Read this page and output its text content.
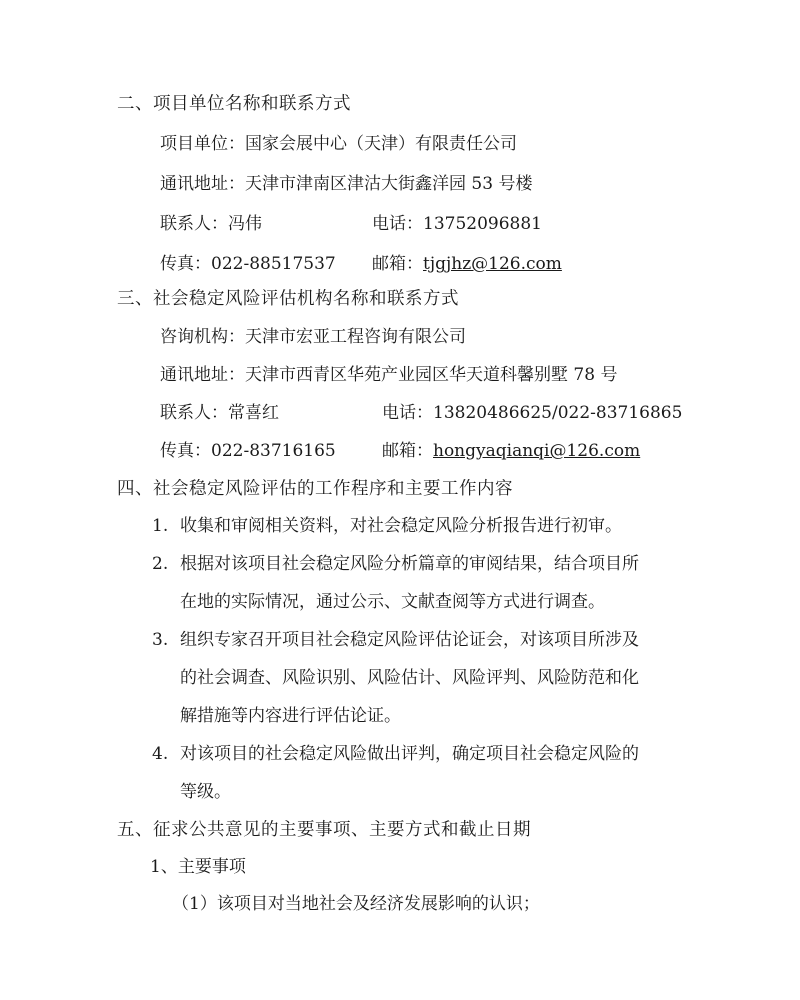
二、项目单位名称和联系方式
项目单位：国家会展中心（天津）有限责任公司
通讯地址：天津市津南区津沽大街鑫洋园 53 号楼
联系人：冯伟	电话：13752096881
传真：022-88517537 邮箱：tjgjhz@126.com
三、社会稳定风险评估机构名称和联系方式
咨询机构：天津市宏亚工程咨询有限公司
通讯地址：天津市西青区华苑产业园区华天道科馨别墅 78 号
联系人：常喜红	电话：13820486625/022-83716865
传真：022-83716165	邮箱：hongyaqianqi@126.com
四、社会稳定风险评估的工作程序和主要工作内容
1. 收集和审阅相关资料，对社会稳定风险分析报告进行初审。
2. 根据对该项目社会稳定风险分析篇章的审阅结果，结合项目所
在地的实际情况，通过公示、文献查阅等方式进行调查。
3. 组织专家召开项目社会稳定风险评估论证会，对该项目所涉及
的社会调查、风险识别、风险估计、风险评判、风险防范和化
解措施等内容进行评估论证。
4. 对该项目的社会稳定风险做出评判，确定项目社会稳定风险的
等级。
五、征求公共意见的主要事项、主要方式和截止日期
1、主要事项
（1）该项目对当地社会及经济发展影响的认识；
